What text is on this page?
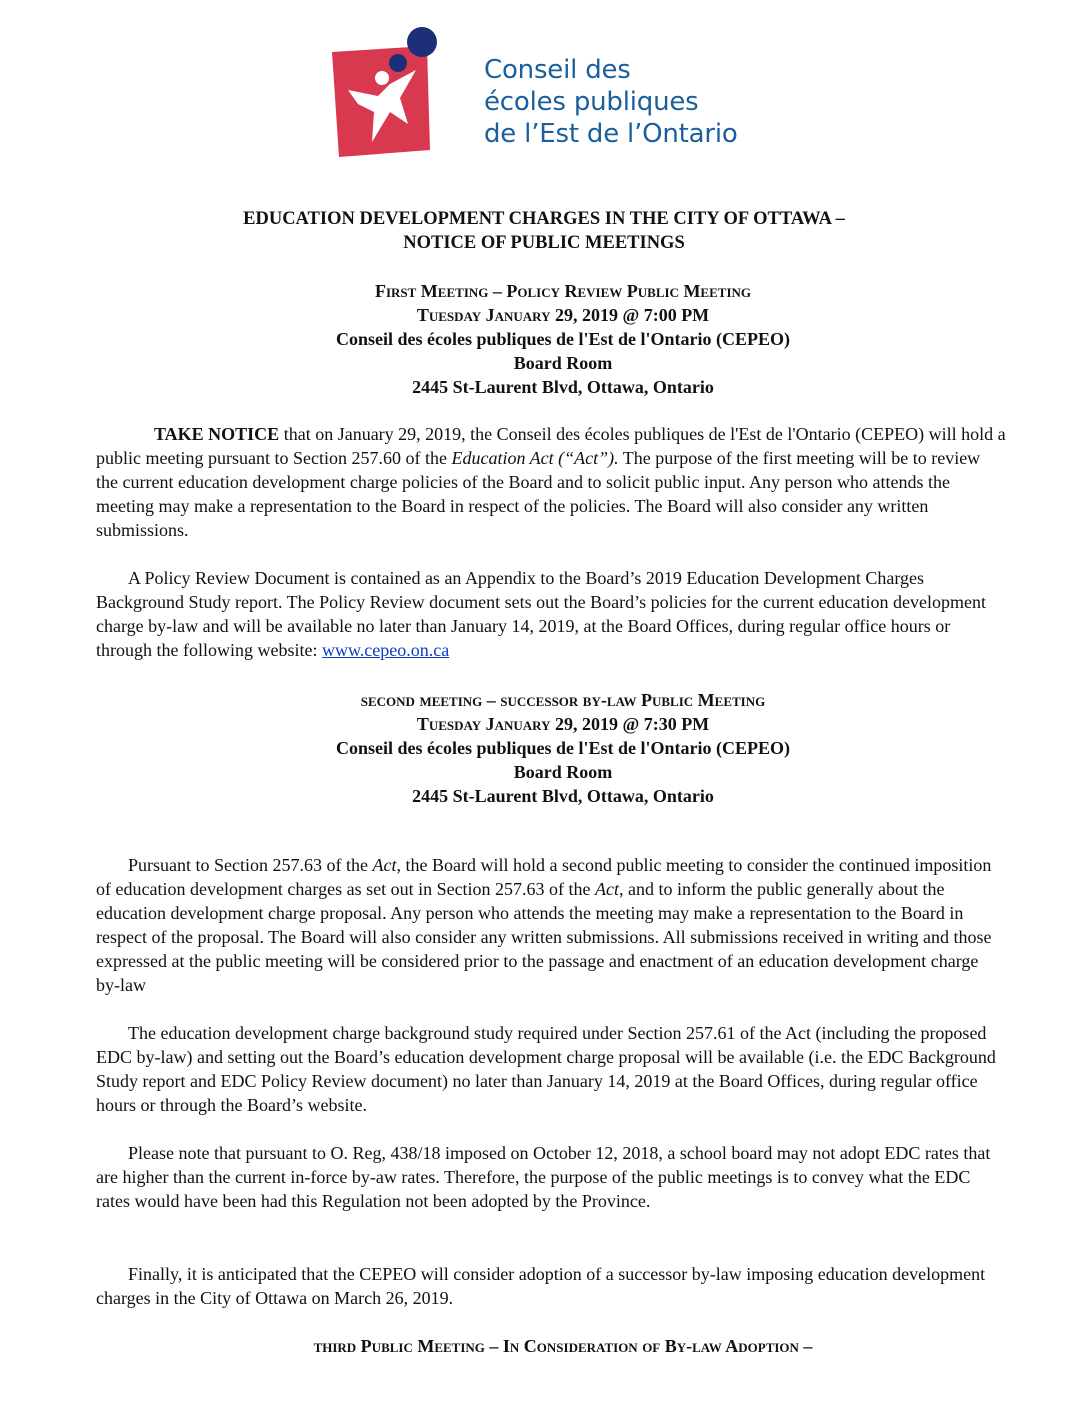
Conseil des
écoles publiques
de l’Est de l’Ontario
EDUCATION DEVELOPMENT CHARGES IN THE CITY OF OTTAWA –
NOTICE OF PUBLIC MEETINGS
First Meeting – Policy Review Public Meeting
Tuesday January 29, 2019 @ 7:00 PM
Conseil des écoles publiques de l'Est de l'Ontario (CEPEO)
Board Room
2445 St-Laurent Blvd, Ottawa, Ontario

TAKE NOTICE that on January 29, 2019, the Conseil des écoles publiques de l'Est de l'Ontario (CEPEO) will hold a public meeting pursuant to Section 257.60 of the Education Act (“Act”). The purpose of the first meeting will be to review the current education development charge policies of the Board and to solicit public input. Any person who attends the meeting may make a representation to the Board in respect of the policies. The Board will also consider any written submissions.

A Policy Review Document is contained as an Appendix to the Board’s 2019 Education Development Charges Background Study report. The Policy Review document sets out the Board’s policies for the current education development charge by-law and will be available no later than January 14, 2019, at the Board Offices, during regular office hours or through the following website: www.cepeo.on.ca

second meeting – successor by-law Public Meeting
Tuesday January 29, 2019 @ 7:30 PM
Conseil des écoles publiques de l'Est de l'Ontario (CEPEO)
Board Room
2445 St-Laurent Blvd, Ottawa, Ontario

Pursuant to Section 257.63 of the Act, the Board will hold a second public meeting to consider the continued imposition of education development charges as set out in Section 257.63 of the Act, and to inform the public generally about the education development charge proposal. Any person who attends the meeting may make a representation to the Board in respect of the proposal. The Board will also consider any written submissions. All submissions received in writing and those expressed at the public meeting will be considered prior to the passage and enactment of an education development charge by-law

The education development charge background study required under Section 257.61 of the Act (including the proposed EDC by-law) and setting out the Board’s education development charge proposal will be available (i.e. the EDC Background Study report and EDC Policy Review document) no later than January 14, 2019 at the Board Offices, during regular office hours or through the Board’s website.

Please note that pursuant to O. Reg, 438/18 imposed on October 12, 2018, a school board may not adopt EDC rates that are higher than the current in-force by-aw rates. Therefore, the purpose of the public meetings is to convey what the EDC rates would have been had this Regulation not been adopted by the Province.

Finally, it is anticipated that the CEPEO will consider adoption of a successor by-law imposing education development charges in the City of Ottawa on March 26, 2019.

third Public Meeting – In Consideration of By-law Adoption –
